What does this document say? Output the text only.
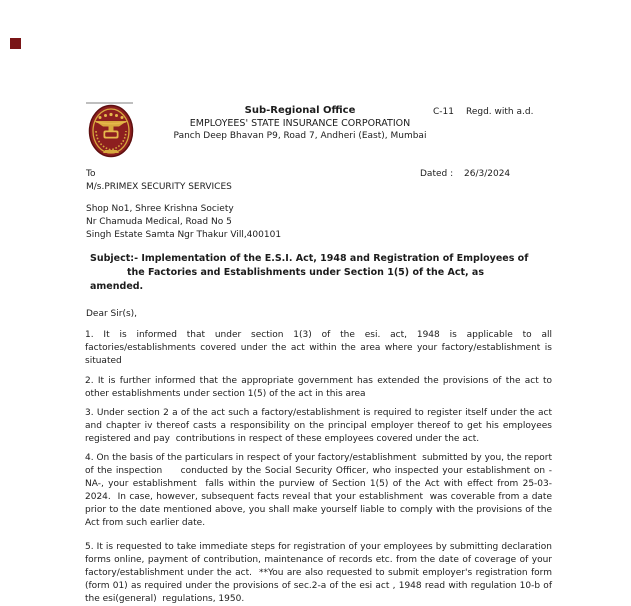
Sub-Regional Office
EMPLOYEES' STATE INSURANCE CORPORATION
Panch Deep Bhavan P9, Road 7, Andheri (East), Mumbai
C-11 Regd. with a.d.
To	Dated : 26/3/2024
M/s.PRIMEX SECURITY SERVICES
Shop No1, Shree Krishna Society
Nr Chamuda Medical, Road No 5
Singh Estate Samta Ngr Thakur Vill,400101
Subject:- Implementation of the E.S.I. Act, 1948 and Registration of Employees of
the Factories and Establishments under Section 1(5) of the Act, as
amended.
Dear Sir(s),
1. It is informed that under section 1(3) of the esi. act, 1948 is applicable to all factories/establishments covered under the act within the area where your factory/establishment is situated
2. It is further informed that the appropriate government has extended the provisions of the act to other establishments under section 1(5) of the act in this area
3. Under section 2 a of the act such a factory/establishment is required to register itself under the act and chapter iv thereof casts a responsibility on the principal employer thereof to get his employees registered and pay  contributions in respect of these employees covered under the act.
4. On the basis of the particulars in respect of your factory/establishment  submitted by you, the report of the inspection     conducted by the Social Security Officer, who inspected your establishment on -NA-, your establishment  falls within the purview of Section 1(5) of the Act with effect from 25-03-2024.  In case, however, subsequent facts reveal that your establishment  was coverable from a date prior to the date mentioned above, you shall make yourself liable to comply with the provisions of the Act from such earlier date.
5. It is requested to take immediate steps for registration of your employees by submitting declaration forms online, payment of contribution, maintenance of records etc. from the date of coverage of your factory/establishment under the act.  **You are also requested to submit employer's registration form (form 01) as required under the provisions of sec.2-a of the esi act , 1948 read with regulation 10-b of the esi(general)  regulations, 1950.
